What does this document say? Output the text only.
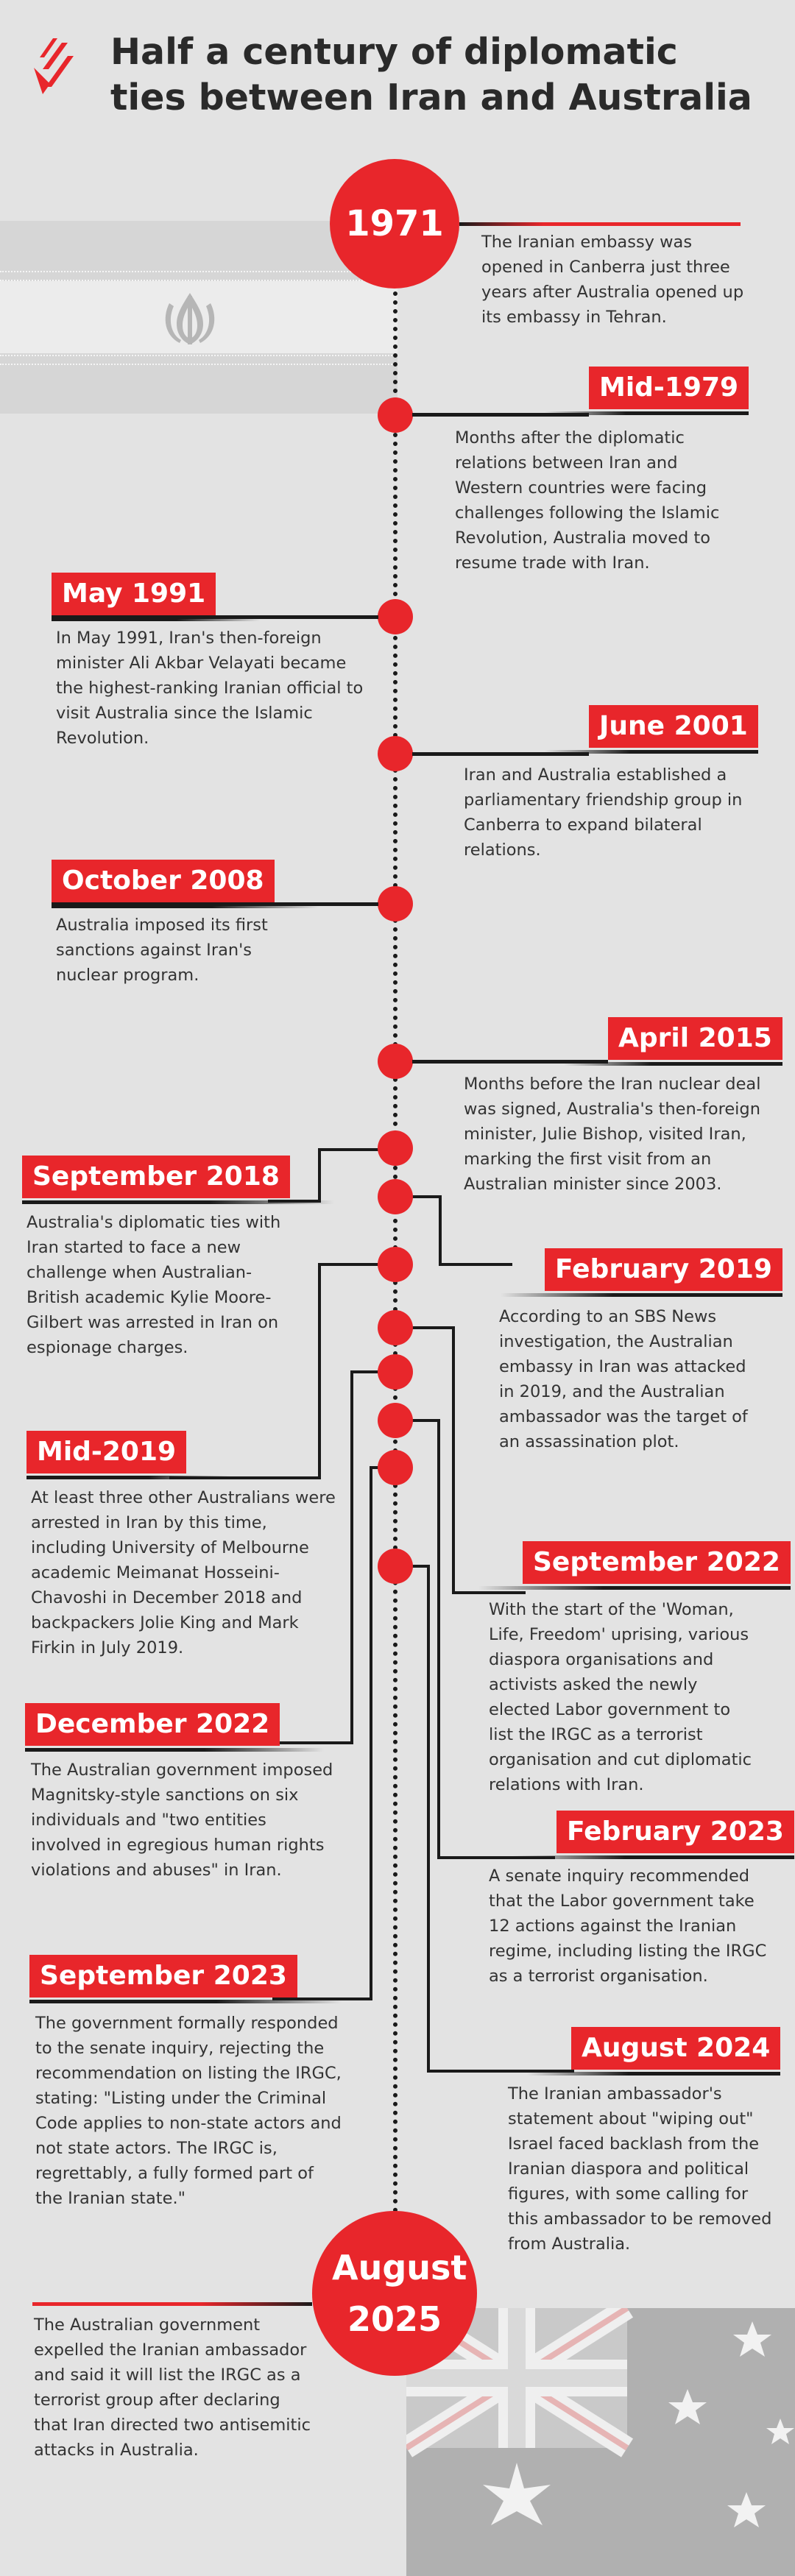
Half a century of diplomatic ties between Iran and Australia
1971 The Iranian embassy was opened in Canberra just three years after Australia opened up its embassy in Tehran.

Mid-1979

Months after the diplomatic relations between Iran and Western countries were facing challenges following the Islamic Revolution, Australia moved to resume trade with Iran.

May 1991

In May 1991, Iran's then-foreign minister Ali Akbar Velayati became the highest-ranking Iranian official to visit Australia since the Islamic Revolution.	June 2001

Iran and Australia established a parliamentary friendship group in Canberra to expand bilateral relations.

October 2008

Australia imposed its first sanctions against Iran's nuclear program.

April 2015

Months before the Iran nuclear deal was signed, Australia's then-foreign minister, Julie Bishop, visited Iran, marking the first visit from an Australian minister since 2003.

September 2018

Australia's diplomatic ties with Iran started to face a new challenge when Australian-British academic Kylie Moore-Gilbert was arrested in Iran on espionage charges.

February 2019

According to an SBS News investigation, the Australian embassy in Iran was attacked in 2019, and the Australian ambassador was the target of an assassination plot.

Mid-2019

At least three other Australians were arrested in Iran by this time, including University of Melbourne academic Meimanat Hosseini-Chavoshi in December 2018 and backpackers Jolie King and Mark Firkin in July 2019.

September 2022

With the start of the 'Woman, Life, Freedom' uprising, various diaspora organisations and activists asked the newly elected Labor government to list the IRGC as a terrorist organisation and cut diplomatic relations with Iran.

December 2022

The Australian government imposed Magnitsky-style sanctions on six individuals and "two entities involved in egregious human rights violations and abuses" in Iran.

February 2023

A senate inquiry recommended that the Labor government take 12 actions against the Iranian regime, including listing the IRGC as a terrorist organisation.

September 2023

The government formally responded to the senate inquiry, rejecting the recommendation on listing the IRGC, stating: "Listing under the Criminal Code applies to non-state actors and not state actors. The IRGC is, regrettably, a fully formed part of the Iranian state."

August 2024

The Iranian ambassador's statement about "wiping out" Israel faced backlash from the Iranian diaspora and political figures, with some calling for this ambassador to be removed from Australia.

August 2025

The Australian government expelled the Iranian ambassador and said it will list the IRGC as a terrorist group after declaring that Iran directed two antisemitic attacks in Australia.
